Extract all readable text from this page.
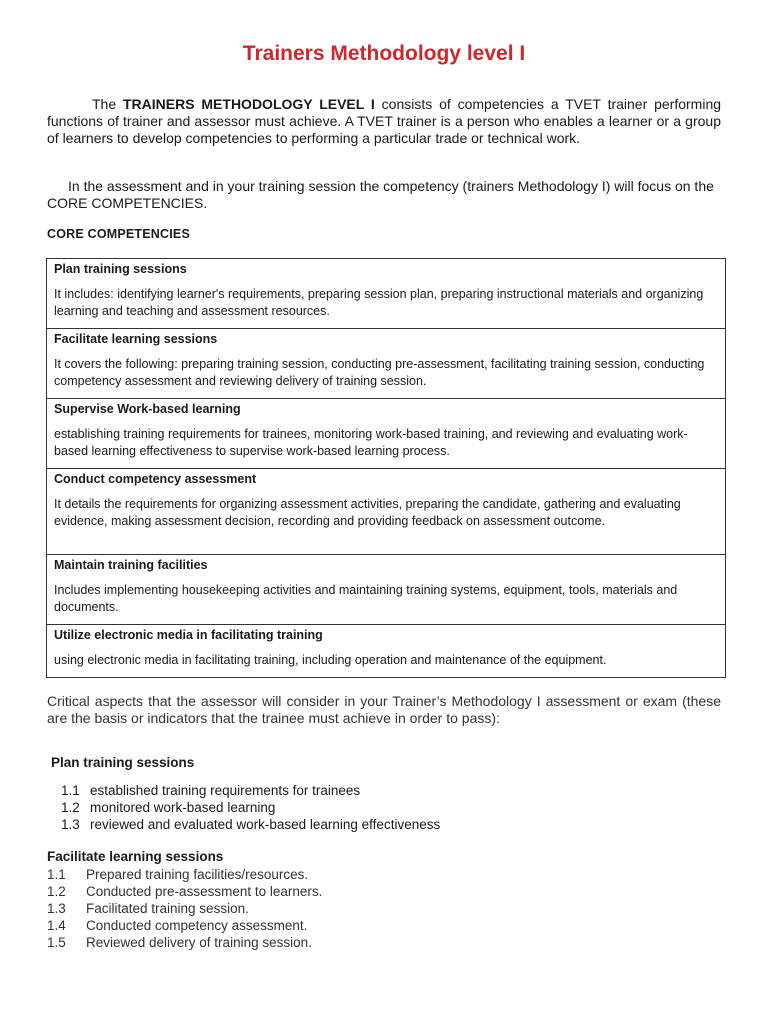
Trainers Methodology level I

The TRAINERS METHODOLOGY LEVEL I consists of competencies a TVET trainer performing functions of trainer and assessor must achieve. A TVET trainer is a person who enables a learner or a group of learners to develop competencies to performing a particular trade or technical work.

In the assessment and in your training session the competency (trainers Methodology I) will focus on the CORE COMPETENCIES.

CORE COMPETENCIES

Plan training sessions
It includes: identifying learner's requirements, preparing session plan, preparing instructional materials and organizing learning and teaching and assessment resources.

Facilitate learning sessions
It covers the following: preparing training session, conducting pre-assessment, facilitating training session, conducting competency assessment and reviewing delivery of training session.

Supervise Work-based learning
establishing training requirements for trainees, monitoring work-based training, and reviewing and evaluating work-based learning effectiveness to supervise work-based learning process.

Conduct competency assessment
It details the requirements for organizing assessment activities, preparing the candidate, gathering and evaluating evidence, making assessment decision, recording and providing feedback on assessment outcome.

Maintain training facilities
Includes implementing housekeeping activities and maintaining training systems, equipment, tools, materials and documents.

Utilize electronic media in facilitating training
using electronic media in facilitating training, including operation and maintenance of the equipment.

Critical aspects that the assessor will consider in your Trainer’s Methodology I assessment or exam (these are the basis or indicators that the trainee must achieve in order to pass):

Plan training sessions

1.1 established training requirements for trainees
1.2 monitored work-based learning
1.3 reviewed and evaluated work-based learning effectiveness

Facilitate learning sessions

1.1 Prepared training facilities/resources.
1.2 Conducted pre-assessment to learners.
1.3 Facilitated training session.
1.4 Conducted competency assessment.
1.5 Reviewed delivery of training session.
